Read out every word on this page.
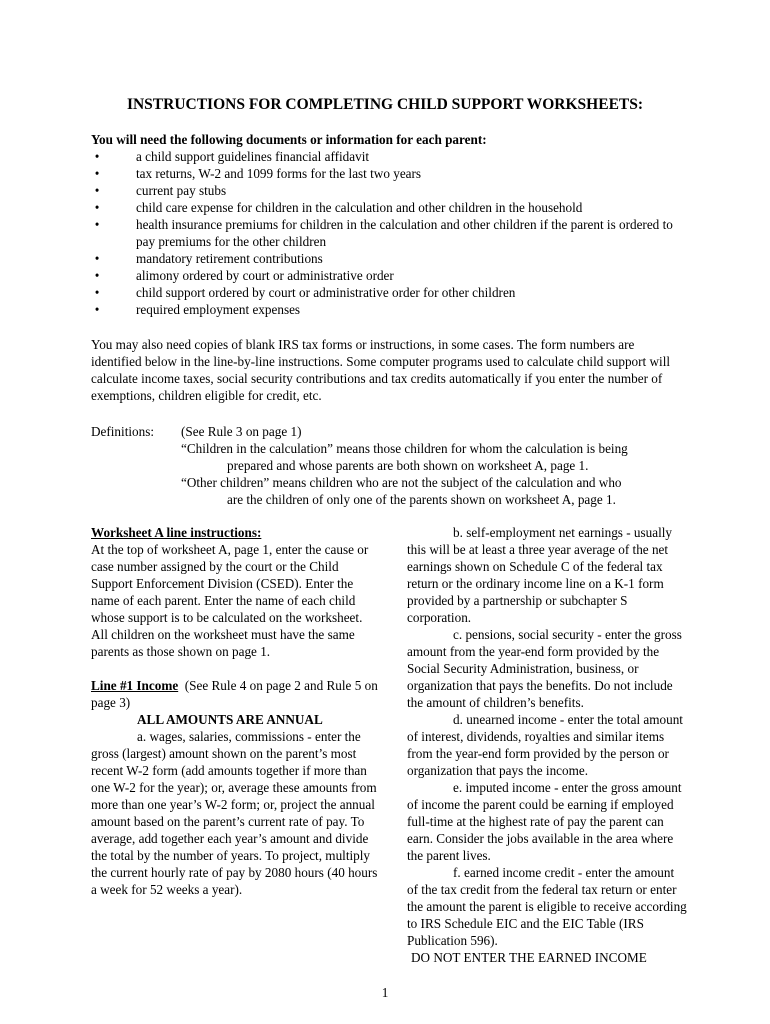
INSTRUCTIONS FOR COMPLETING CHILD SUPPORT WORKSHEETS:
You will need the following documents or information for each parent:
•	a child support guidelines financial affidavit
•	tax returns, W-2 and 1099 forms for the last two years
•	current pay stubs
•	child care expense for children in the calculation and other children in the household
•	health insurance premiums for children in the calculation and other children if the parent is ordered to pay premiums for the other children
•	mandatory retirement contributions
•	alimony ordered by court or administrative order
•	child support ordered by court or administrative order for other children
•	required employment expenses

You may also need copies of blank IRS tax forms or instructions, in some cases. The form numbers are identified below in the line-by-line instructions. Some computer programs used to calculate child support will calculate income taxes, social security contributions and tax credits automatically if you enter the number of exemptions, children eligible for credit, etc.

Definitions: (See Rule 3 on page 1)

“Children in the calculation” means those children for whom the calculation is being

prepared and whose parents are both shown on worksheet A, page 1.

“Other children” means children who are not the subject of the calculation and who

are the children of only one of the parents shown on worksheet A, page 1.

Worksheet A line instructions:

At the top of worksheet A, page 1, enter the cause or case number assigned by the court or the Child Support Enforcement Division (CSED). Enter the name of each parent. Enter the name of each child whose support is to be calculated on the worksheet. All children on the worksheet must have the same parents as those shown on page 1.

Line #1 Income (See Rule 4 on page 2 and Rule 5 on page 3)

ALL AMOUNTS ARE ANNUAL

a. wages, salaries, commissions - enter the gross (largest) amount shown on the parent’s most recent W-2 form (add amounts together if more than one W-2 for the year); or, average these amounts from more than one year’s W-2 form; or, project the annual amount based on the parent’s current rate of pay. To average, add together each year’s amount and divide the total by the number of years. To project, multiply the current hourly rate of pay by 2080 hours (40 hours a week for 52 weeks a year).

b. self-employment net earnings - usually this will be at least a three year average of the net earnings shown on Schedule C of the federal tax return or the ordinary income line on a K-1 form provided by a partnership or subchapter S corporation.

c. pensions, social security - enter the gross amount from the year-end form provided by the Social Security Administration, business, or organization that pays the benefits. Do not include the amount of children’s benefits.

d. unearned income - enter the total amount of interest, dividends, royalties and similar items from the year-end form provided by the person or organization that pays the income.

e. imputed income - enter the gross amount of income the parent could be earning if employed full-time at the highest rate of pay the parent can earn. Consider the jobs available in the area where the parent lives.

f. earned income credit - enter the amount of the tax credit from the federal tax return or enter the amount the parent is eligible to receive according to IRS Schedule EIC and the EIC Table (IRS Publication 596).

DO NOT ENTER THE EARNED INCOME

1
